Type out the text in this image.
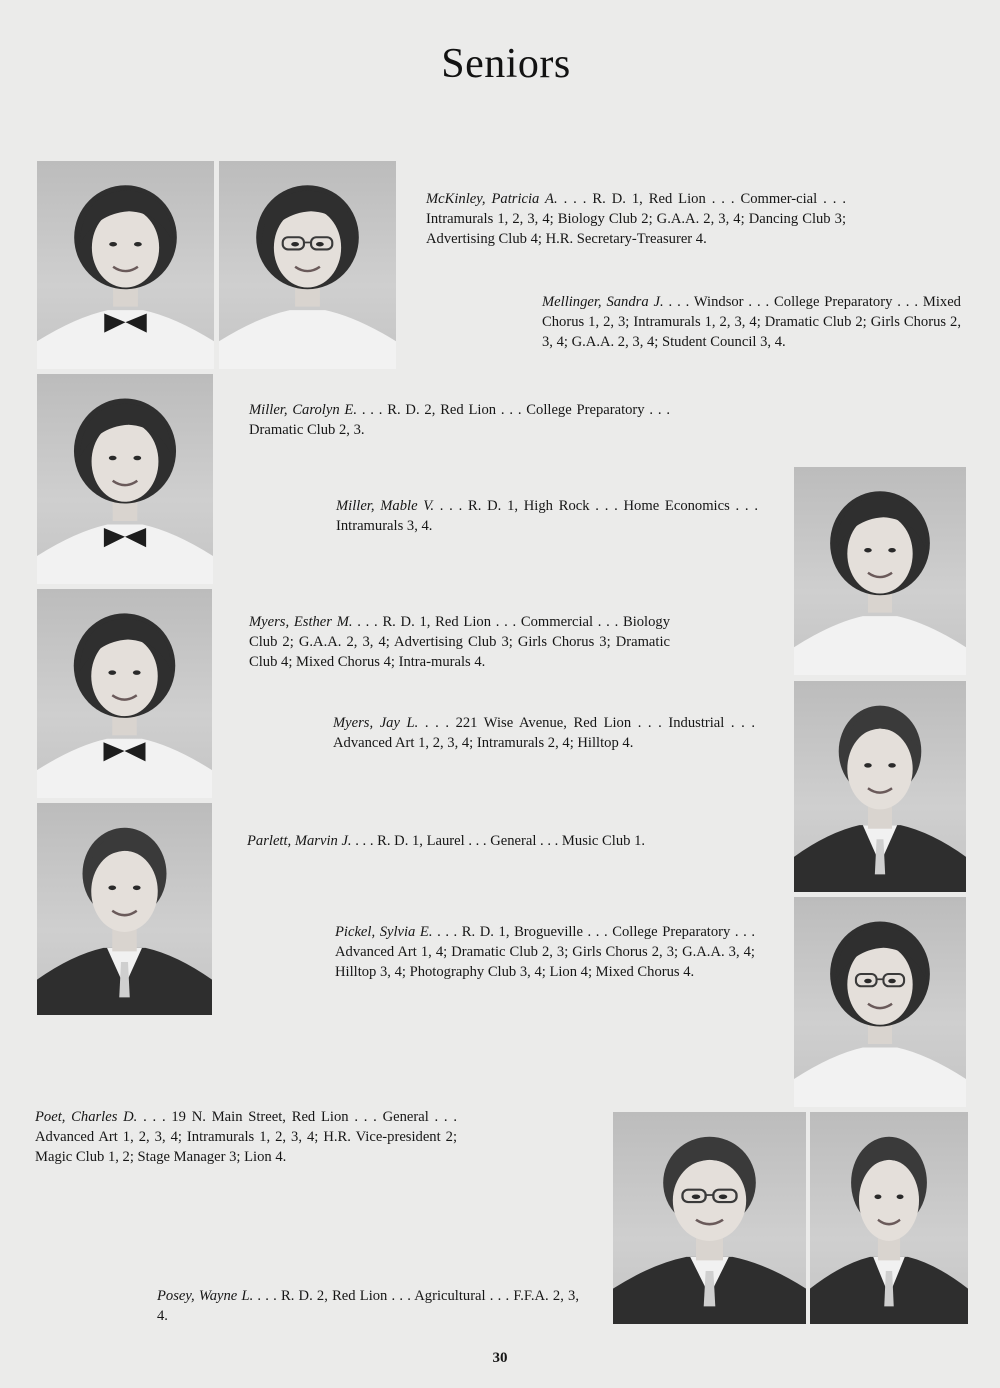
Seniors
McKinley, Patricia A. . . . R. D. 1, Red Lion . . . Commer-cial . . . Intramurals 1, 2, 3, 4; Biology Club 2; G.A.A. 2, 3, 4; Dancing Club 3; Advertising Club 4; H.R. Secretary-Treasurer 4.
Mellinger, Sandra J. . . . Windsor . . . College Preparatory . . . Mixed Chorus 1, 2, 3; Intramurals 1, 2, 3, 4; Dramatic Club 2; Girls Chorus 2, 3, 4; G.A.A. 2, 3, 4; Student Council 3, 4.
Miller, Carolyn E. . . . R. D. 2, Red Lion . . . College Preparatory . . . Dramatic Club 2, 3.
Miller, Mable V. . . . R. D. 1, High Rock . . . Home Economics . . . Intramurals 3, 4.
Myers, Esther M. . . . R. D. 1, Red Lion . . . Commercial . . . Biology Club 2; G.A.A. 2, 3, 4; Advertising Club 3; Girls Chorus 3; Dramatic Club 4; Mixed Chorus 4; Intra-murals 4.
Myers, Jay L. . . . 221 Wise Avenue, Red Lion . . . Industrial . . . Advanced Art 1, 2, 3, 4; Intramurals 2, 4; Hilltop 4.
Parlett, Marvin J. . . . R. D. 1, Laurel . . . General . . . Music Club 1.
Pickel, Sylvia E. . . . R. D. 1, Brogueville . . . College Preparatory . . . Advanced Art 1, 4; Dramatic Club 2, 3; Girls Chorus 2, 3; G.A.A. 3, 4; Hilltop 3, 4; Photography Club 3, 4; Lion 4; Mixed Chorus 4.
Poet, Charles D. . . . 19 N. Main Street, Red Lion . . . General . . . Advanced Art 1, 2, 3, 4; Intramurals 1, 2, 3, 4; H.R. Vice-president 2; Magic Club 1, 2; Stage Manager 3; Lion 4.
Posey, Wayne L. . . . R. D. 2, Red Lion . . . Agricultural . . . F.F.A. 2, 3, 4.
30
